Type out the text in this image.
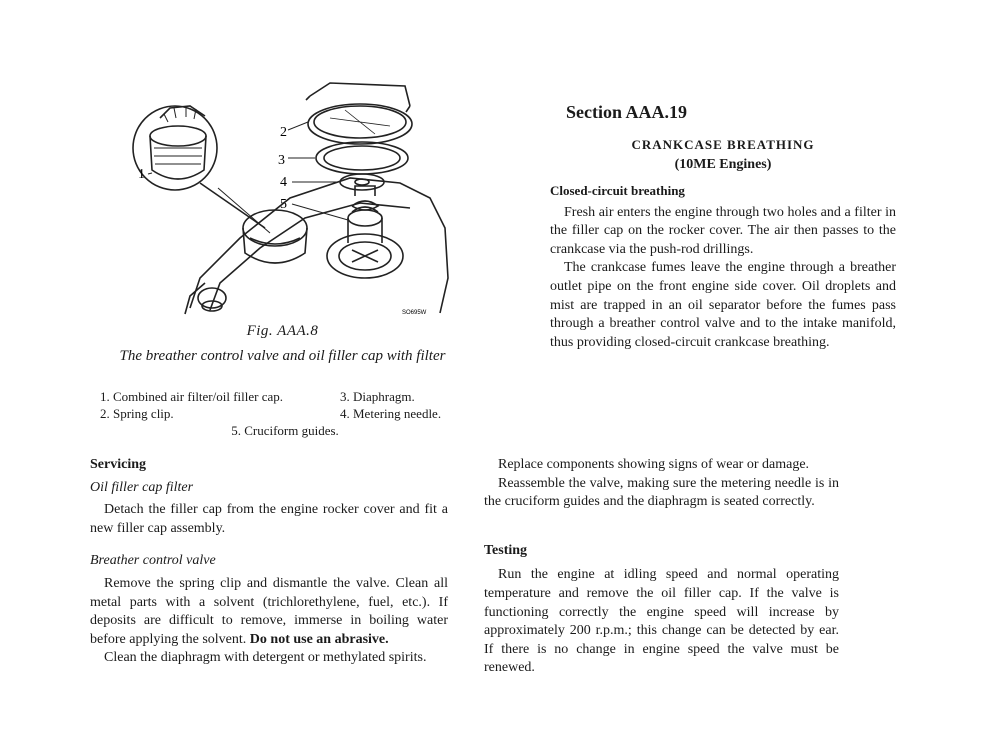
2
3
4
5
1
SO695W
Fig. AAA.8
The breather control valve and oil filler cap with filter
1. Combined air filter/oil filler cap.	3. Diaphragm.
2. Spring clip.	4. Metering needle.
5. Cruciform guides.
Section AAA.19
CRANKCASE BREATHING
(10ME Engines)
Closed-circuit breathing

Fresh air enters the engine through two holes and a filter in the filler cap on the rocker cover. The air then passes to the crankcase via the push-rod drillings.

The crankcase fumes leave the engine through a breather outlet pipe on the front engine side cover. Oil droplets and mist are trapped in an oil separator before the fumes pass through a breather control valve and to the intake manifold, thus providing closed-circuit crankcase breathing.

Servicing
Oil filler cap filter

Detach the filler cap from the engine rocker cover and fit a new filler cap assembly.

Breather control valve

Remove the spring clip and dismantle the valve. Clean all metal parts with a solvent (trichlorethylene, fuel, etc.). If deposits are difficult to remove, immerse in boiling water before applying the solvent. Do not use an abrasive.

Clean the diaphragm with detergent or methylated spirits.

Replace components showing signs of wear or damage.

Reassemble the valve, making sure the metering needle is in the cruciform guides and the diaphragm is seated correctly.

Testing

Run the engine at idling speed and normal operating temperature and remove the oil filler cap. If the valve is functioning correctly the engine speed will increase by approximately 200 r.p.m.; this change can be detected by ear. If there is no change in engine speed the valve must be renewed.
